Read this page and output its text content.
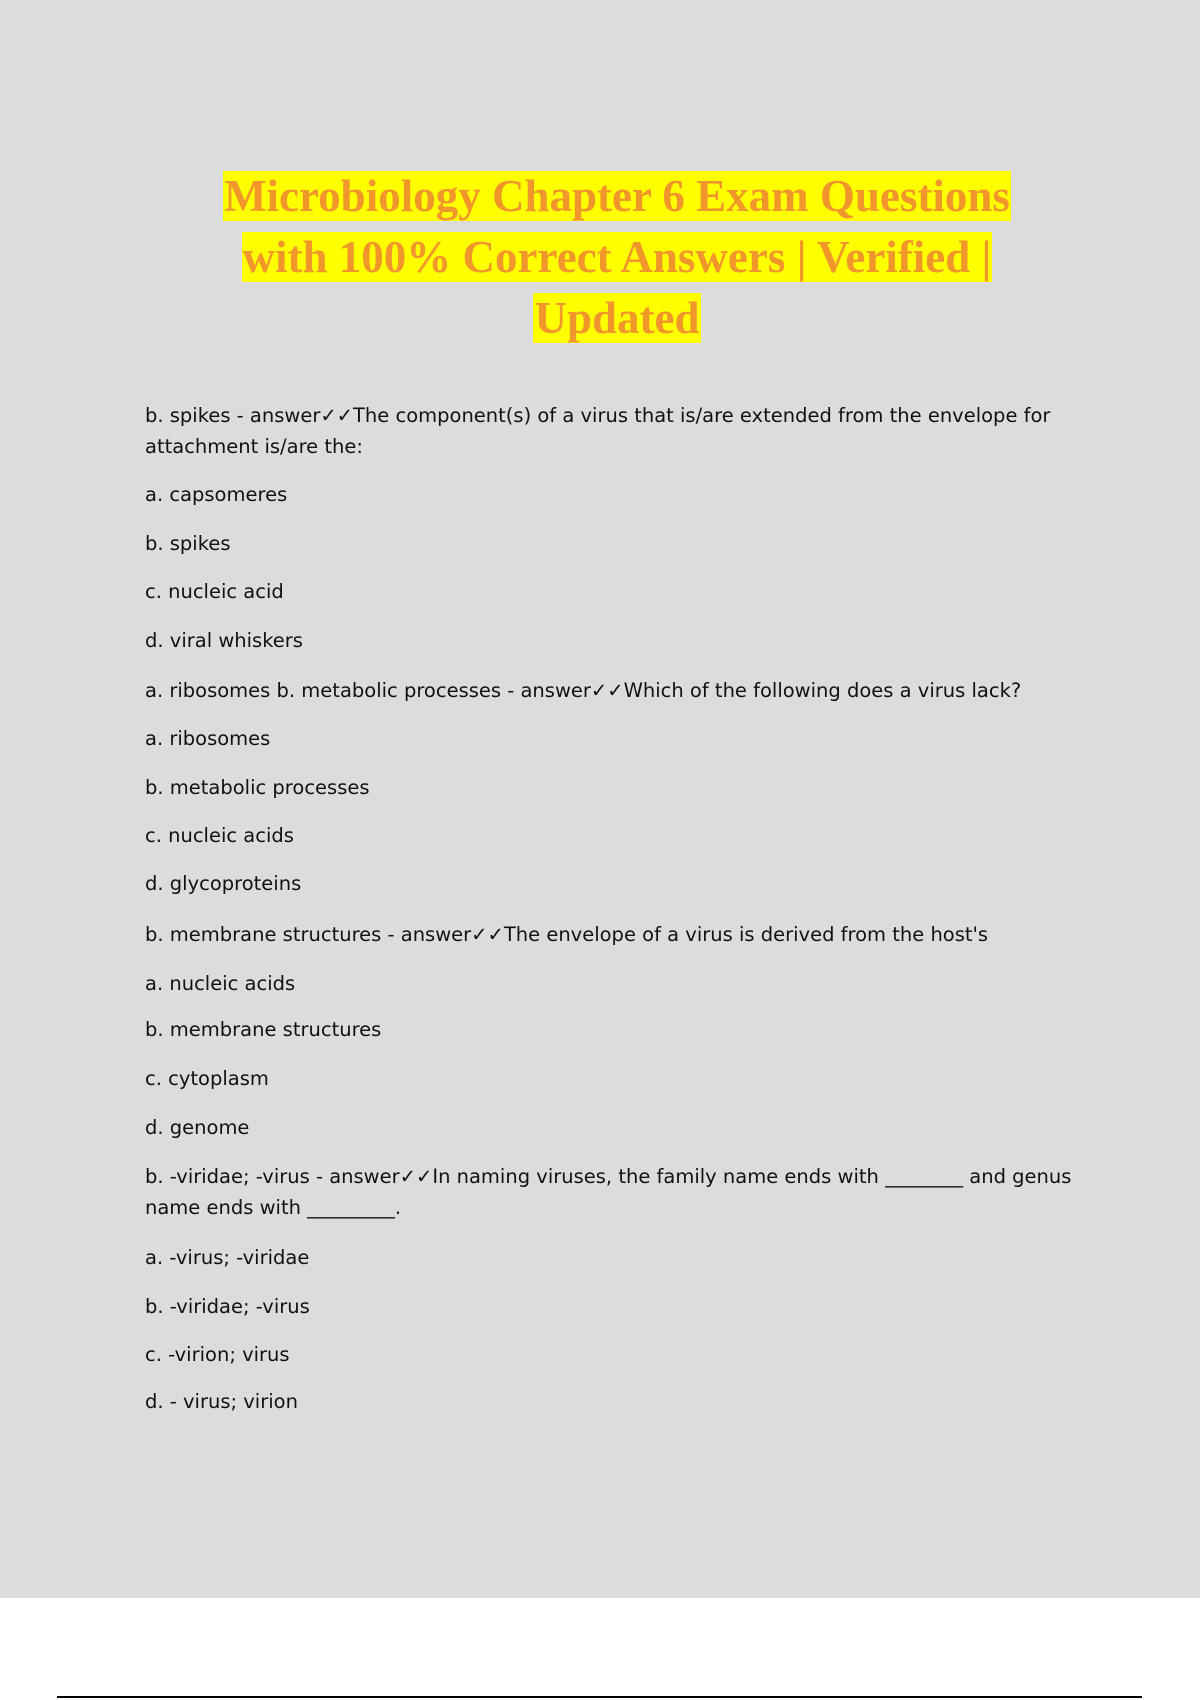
Microbiology Chapter 6 Exam Questions
with 100% Correct Answers | Verified |
Updated
b. spikes - answer✓✓The component(s) of a virus that is/are extended from the envelope for attachment is/are the:
a. capsomeres
b. spikes
c. nucleic acid
d. viral whiskers
a. ribosomes b. metabolic processes - answer✓✓Which of the following does a virus lack?
a. ribosomes
b. metabolic processes
c. nucleic acids
d. glycoproteins
b. membrane structures - answer✓✓The envelope of a virus is derived from the host's
a. nucleic acids
b. membrane structures
c. cytoplasm
d. genome
b. -viridae; -virus - answer✓✓In naming viruses, the family name ends with ________ and genus name ends with _________.
a. -virus; -viridae
b. -viridae; -virus
c. -virion; virus
d. - virus; virion
